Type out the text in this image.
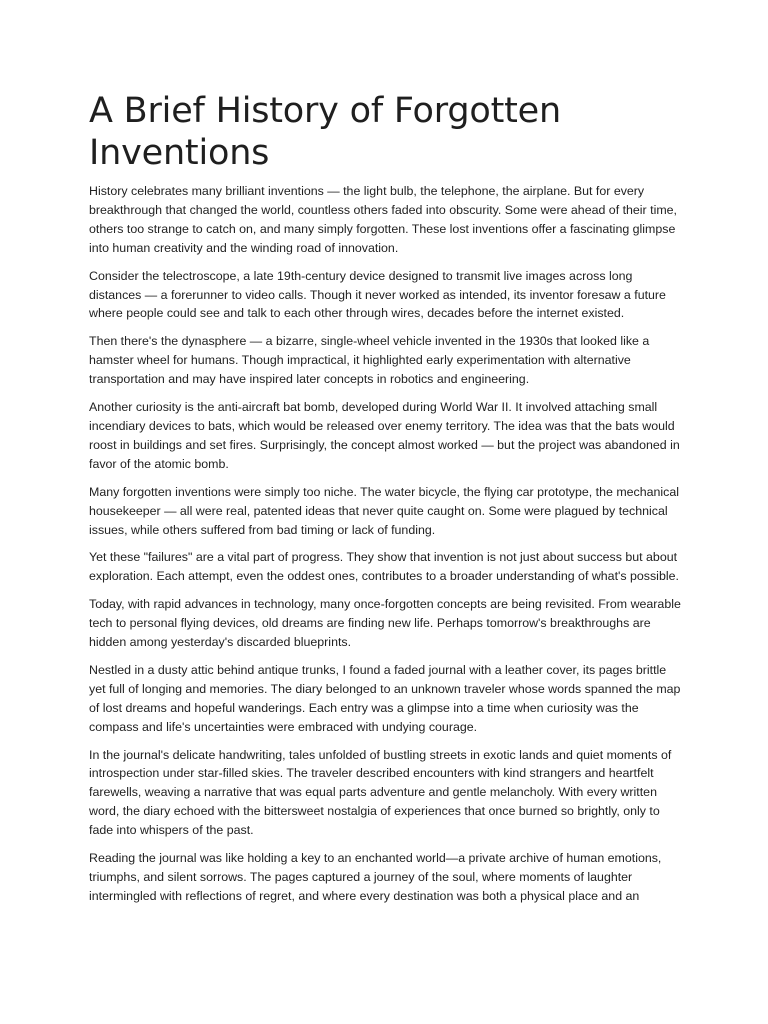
A Brief History of Forgotten Inventions

History celebrates many brilliant inventions — the light bulb, the telephone, the airplane. But for every breakthrough that changed the world, countless others faded into obscurity. Some were ahead of their time, others too strange to catch on, and many simply forgotten. These lost inventions offer a fascinating glimpse into human creativity and the winding road of innovation.

Consider the telectroscope, a late 19th-century device designed to transmit live images across long distances — a forerunner to video calls. Though it never worked as intended, its inventor foresaw a future where people could see and talk to each other through wires, decades before the internet existed.

Then there's the dynasphere — a bizarre, single-wheel vehicle invented in the 1930s that looked like a hamster wheel for humans. Though impractical, it highlighted early experimentation with alternative transportation and may have inspired later concepts in robotics and engineering.

Another curiosity is the anti-aircraft bat bomb, developed during World War II. It involved attaching small incendiary devices to bats, which would be released over enemy territory. The idea was that the bats would roost in buildings and set fires. Surprisingly, the concept almost worked — but the project was abandoned in favor of the atomic bomb.

Many forgotten inventions were simply too niche. The water bicycle, the flying car prototype, the mechanical housekeeper — all were real, patented ideas that never quite caught on. Some were plagued by technical issues, while others suffered from bad timing or lack of funding.

Yet these "failures" are a vital part of progress. They show that invention is not just about success but about exploration. Each attempt, even the oddest ones, contributes to a broader understanding of what's possible.

Today, with rapid advances in technology, many once-forgotten concepts are being revisited. From wearable tech to personal flying devices, old dreams are finding new life. Perhaps tomorrow's breakthroughs are hidden among yesterday's discarded blueprints.

Nestled in a dusty attic behind antique trunks, I found a faded journal with a leather cover, its pages brittle yet full of longing and memories. The diary belonged to an unknown traveler whose words spanned the map of lost dreams and hopeful wanderings. Each entry was a glimpse into a time when curiosity was the compass and life's uncertainties were embraced with undying courage.

In the journal's delicate handwriting, tales unfolded of bustling streets in exotic lands and quiet moments of introspection under star-filled skies. The traveler described encounters with kind strangers and heartfelt farewells, weaving a narrative that was equal parts adventure and gentle melancholy. With every written word, the diary echoed with the bittersweet nostalgia of experiences that once burned so brightly, only to fade into whispers of the past.

Reading the journal was like holding a key to an enchanted world—a private archive of human emotions, triumphs, and silent sorrows. The pages captured a journey of the soul, where moments of laughter intermingled with reflections of regret, and where every destination was both a physical place and an
